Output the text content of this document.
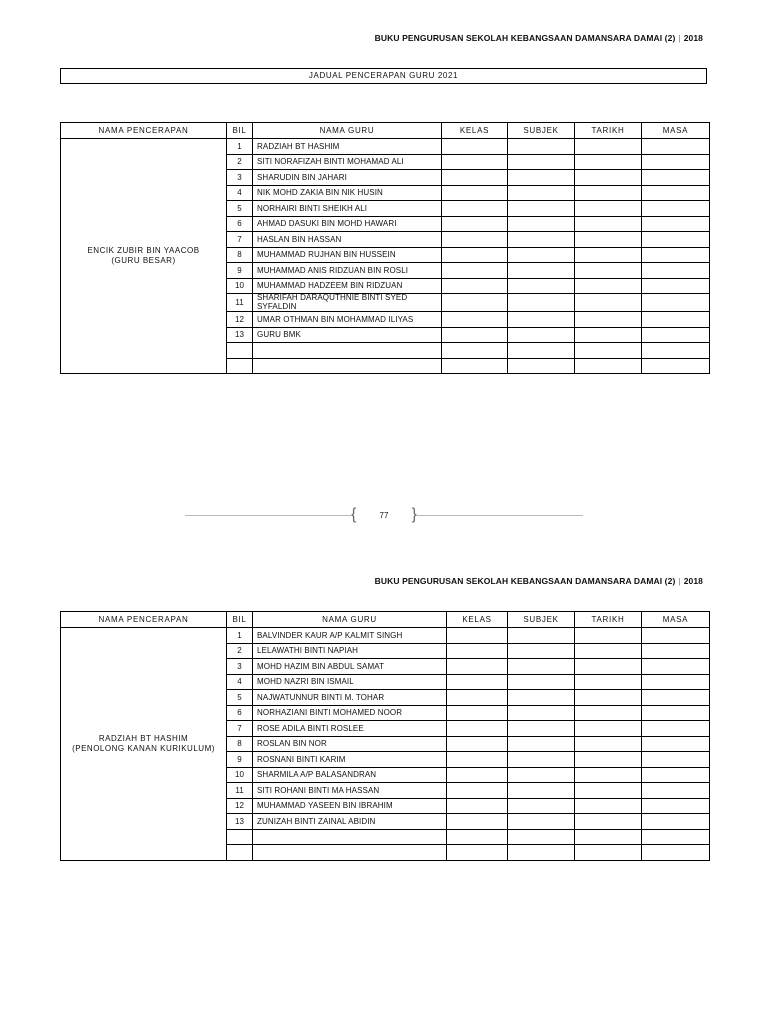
BUKU PENGURUSAN SEKOLAH KEBANGSAAN DAMANSARA DAMAI (2) | 2018
JADUAL PENCERAPAN GURU 2021
NAMA PENCERAPAN	BIL	NAMA GURU	KELAS	SUBJEK	TARIKH	MASA

ENCIK ZUBIR BIN YAACOB
(GURU BESAR)	1	RADZIAH BT HASHIM				
	2	SITI NORAFIZAH BINTI MOHAMAD ALI				
	3	SHARUDIN BIN JAHARI				
	4	NIK MOHD ZAKIA BIN NIK HUSIN				
	5	NORHAIRI BINTI SHEIKH ALI				
	6	AHMAD DASUKI BIN MOHD HAWARI				
	7	HASLAN BIN HASSAN				
	8	MUHAMMAD RUJHAN BIN HUSSEIN				
	9	MUHAMMAD ANIS RIDZUAN BIN ROSLI				
	10	MUHAMMAD HADZEEM BIN RIDZUAN				
	11	SHARIFAH DARAQUTHNIE BINTI SYED SYFALDIN				
	12	UMAR OTHMAN BIN MOHAMMAD ILIYAS				
	13	GURU BMK				

{	77	}
BUKU PENGURUSAN SEKOLAH KEBANGSAAN DAMANSARA DAMAI (2) | 2018
NAMA PENCERAPAN	BIL	NAMA GURU	KELAS	SUBJEK	TARIKH	MASA

RADZIAH BT HASHIM
(PENOLONG KANAN KURIKULUM)	1	BALVINDER KAUR A/P KALMIT SINGH				
	2	LELAWATHI BINTI NAPIAH				
	3	MOHD HAZIM BIN ABDUL SAMAT				
	4	MOHD NAZRI BIN ISMAIL				
	5	NAJWATUNNUR BINTI M. TOHAR				
	6	NORHAZIANI BINTI MOHAMED NOOR				
	7	ROSE ADILA BINTI ROSLEE				
	8	ROSLAN BIN NOR				
	9	ROSNANI BINTI KARIM				
	10	SHARMILA A/P BALASANDRAN				
	11	SITI ROHANI BINTI MA HASSAN				
	12	MUHAMMAD YASEEN BIN IBRAHIM				
	13	ZUNIZAH BINTI ZAINAL ABIDIN				
